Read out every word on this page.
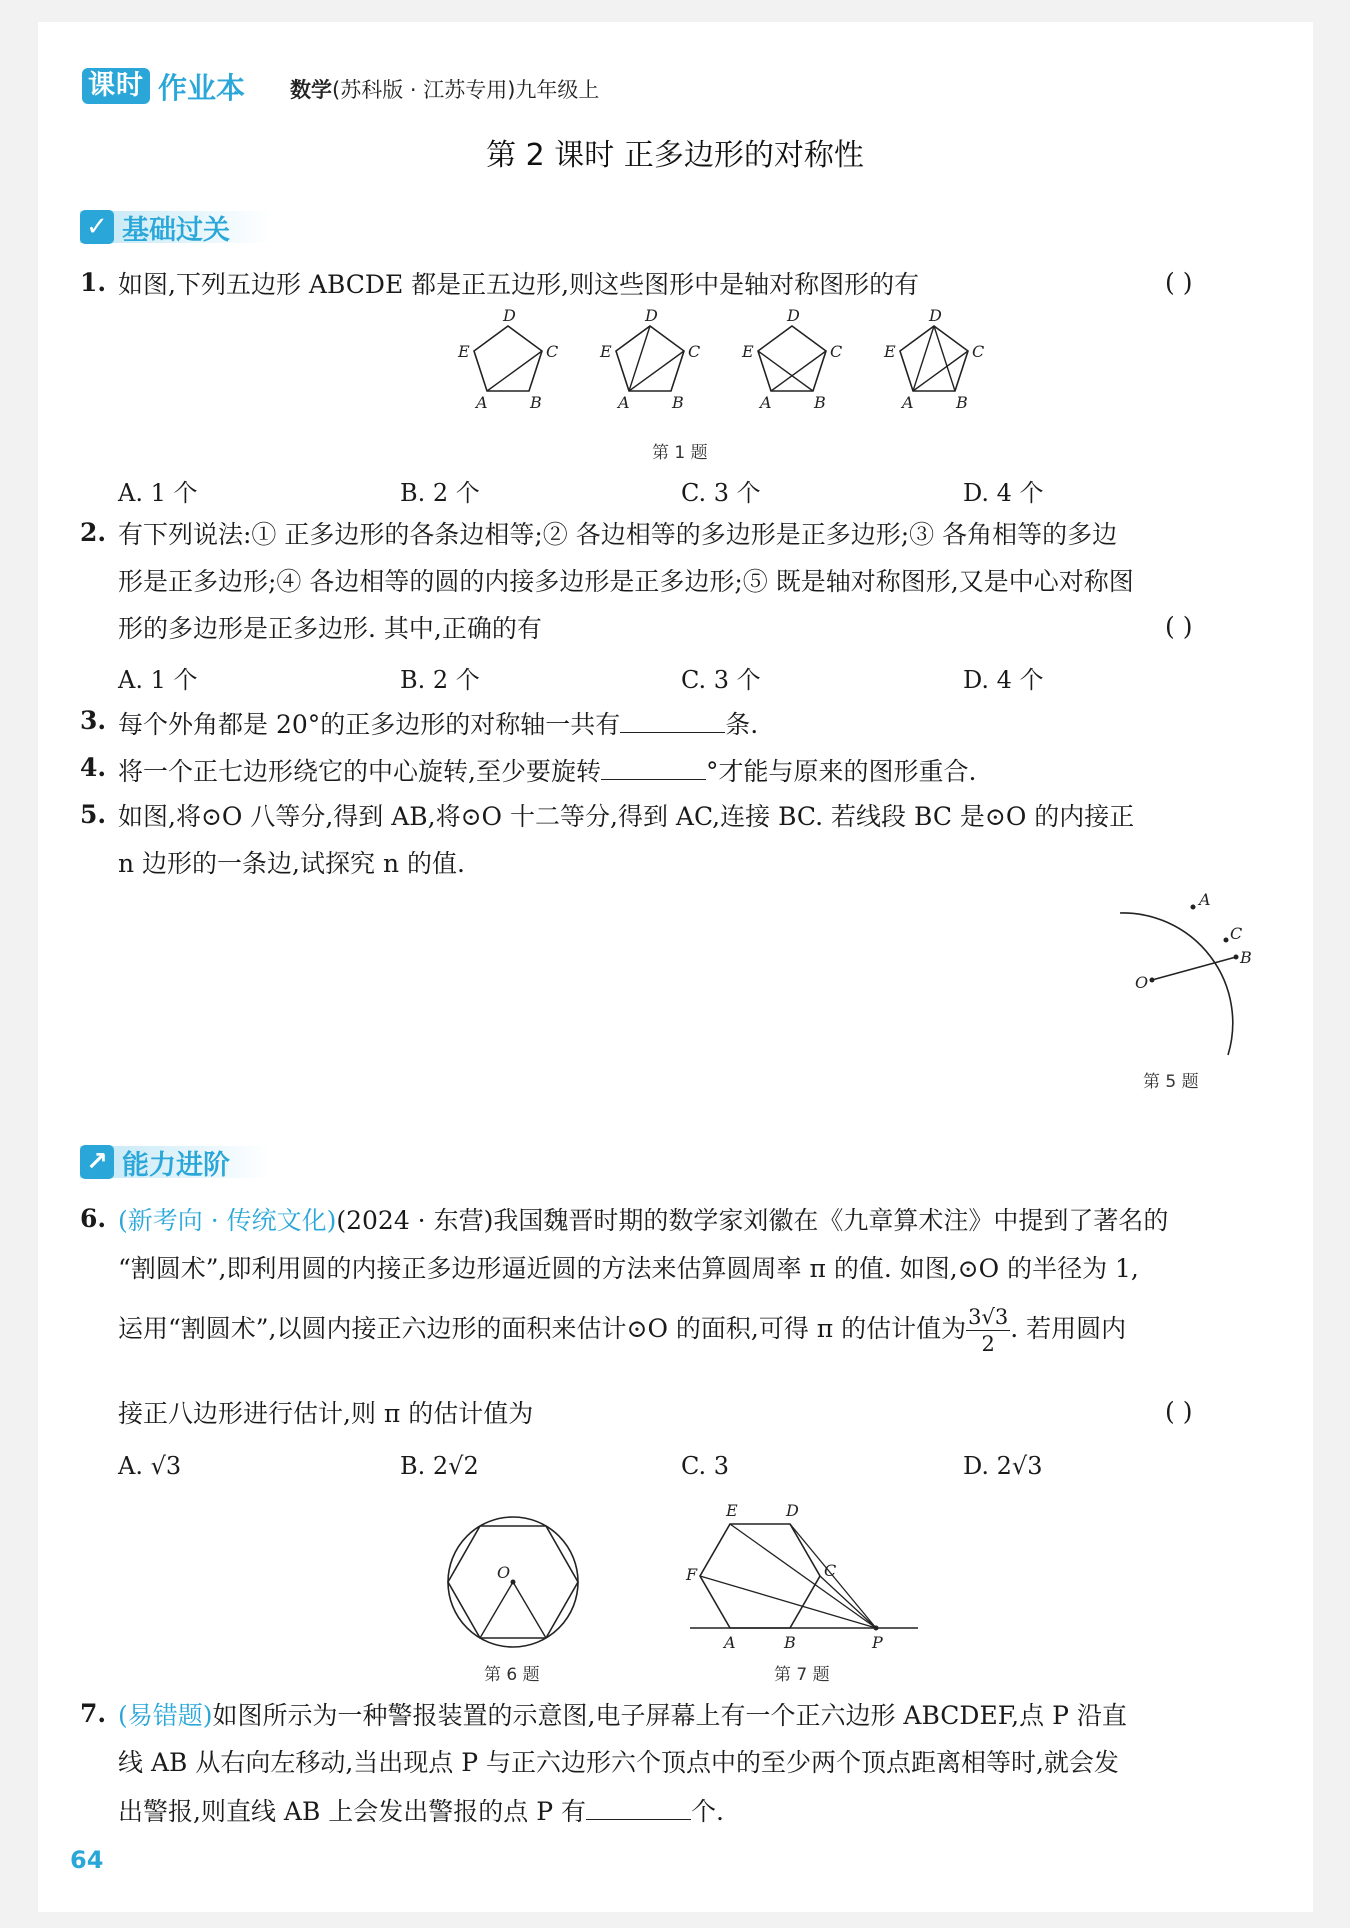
课时 作业本 数学(苏科版 · 江苏专用)九年级上
第 2 课时 正多边形的对称性
✓ 基础过关
1. 如图,下列五边形 ABCDE 都是正五边形,则这些图形中是轴对称图形的有	( )
D
E	C
A	B
D
E	C
A	B
D
E	C
A	B
D
E	C
A	B
第 1 题
A. 1 个	B. 2 个	C. 3 个	D. 4 个
2. 有下列说法:① 正多边形的各条边相等;② 各边相等的多边形是正多边形;③ 各角相等的多边
形是正多边形;④ 各边相等的圆的内接多边形是正多边形;⑤ 既是轴对称图形,又是中心对称图
形的多边形是正多边形. 其中,正确的有	( )
A. 1 个	B. 2 个	C. 3 个	D. 4 个
3. 每个外角都是 20°的正多边形的对称轴一共有	条.
4. 将一个正七边形绕它的中心旋转,至少要旋转	°才能与原来的图形重合.
5. 如图,将⊙O 八等分,得到 AB,将⊙O 十二等分,得到 AC,连接 BC. 若线段 BC 是⊙O 的内接正
n 边形的一条边,试探究 n 的值.
A
C
B
O
第 5 题
↗ 能力进阶
6. (新考向 · 传统文化)(2024 · 东营)我国魏晋时期的数学家刘徽在《九章算术注》中提到了著名的
“割圆术”,即利用圆的内接正多边形逼近圆的方法来估算圆周率 π 的值. 如图,⊙O 的半径为 1,
运用“割圆术”,以圆内接正六边形的面积来估计⊙O 的面积,可得 π 的估计值为 $\frac{3√3}{2}$ . 若用圆内
接正八边形进行估计,则 π 的估计值为	( )
A. √3	B. 2√2	C. 3	D. 2√3
O
第 6 题
E	D
C
F
A	B	P
第 7 题
7. (易错题)如图所示为一种警报装置的示意图,电子屏幕上有一个正六边形 ABCDEF,点 P 沿直
线 AB 从右向左移动,当出现点 P 与正六边形六个顶点中的至少两个顶点距离相等时,就会发
出警报,则直线 AB 上会发出警报的点 P 有	个.
64
